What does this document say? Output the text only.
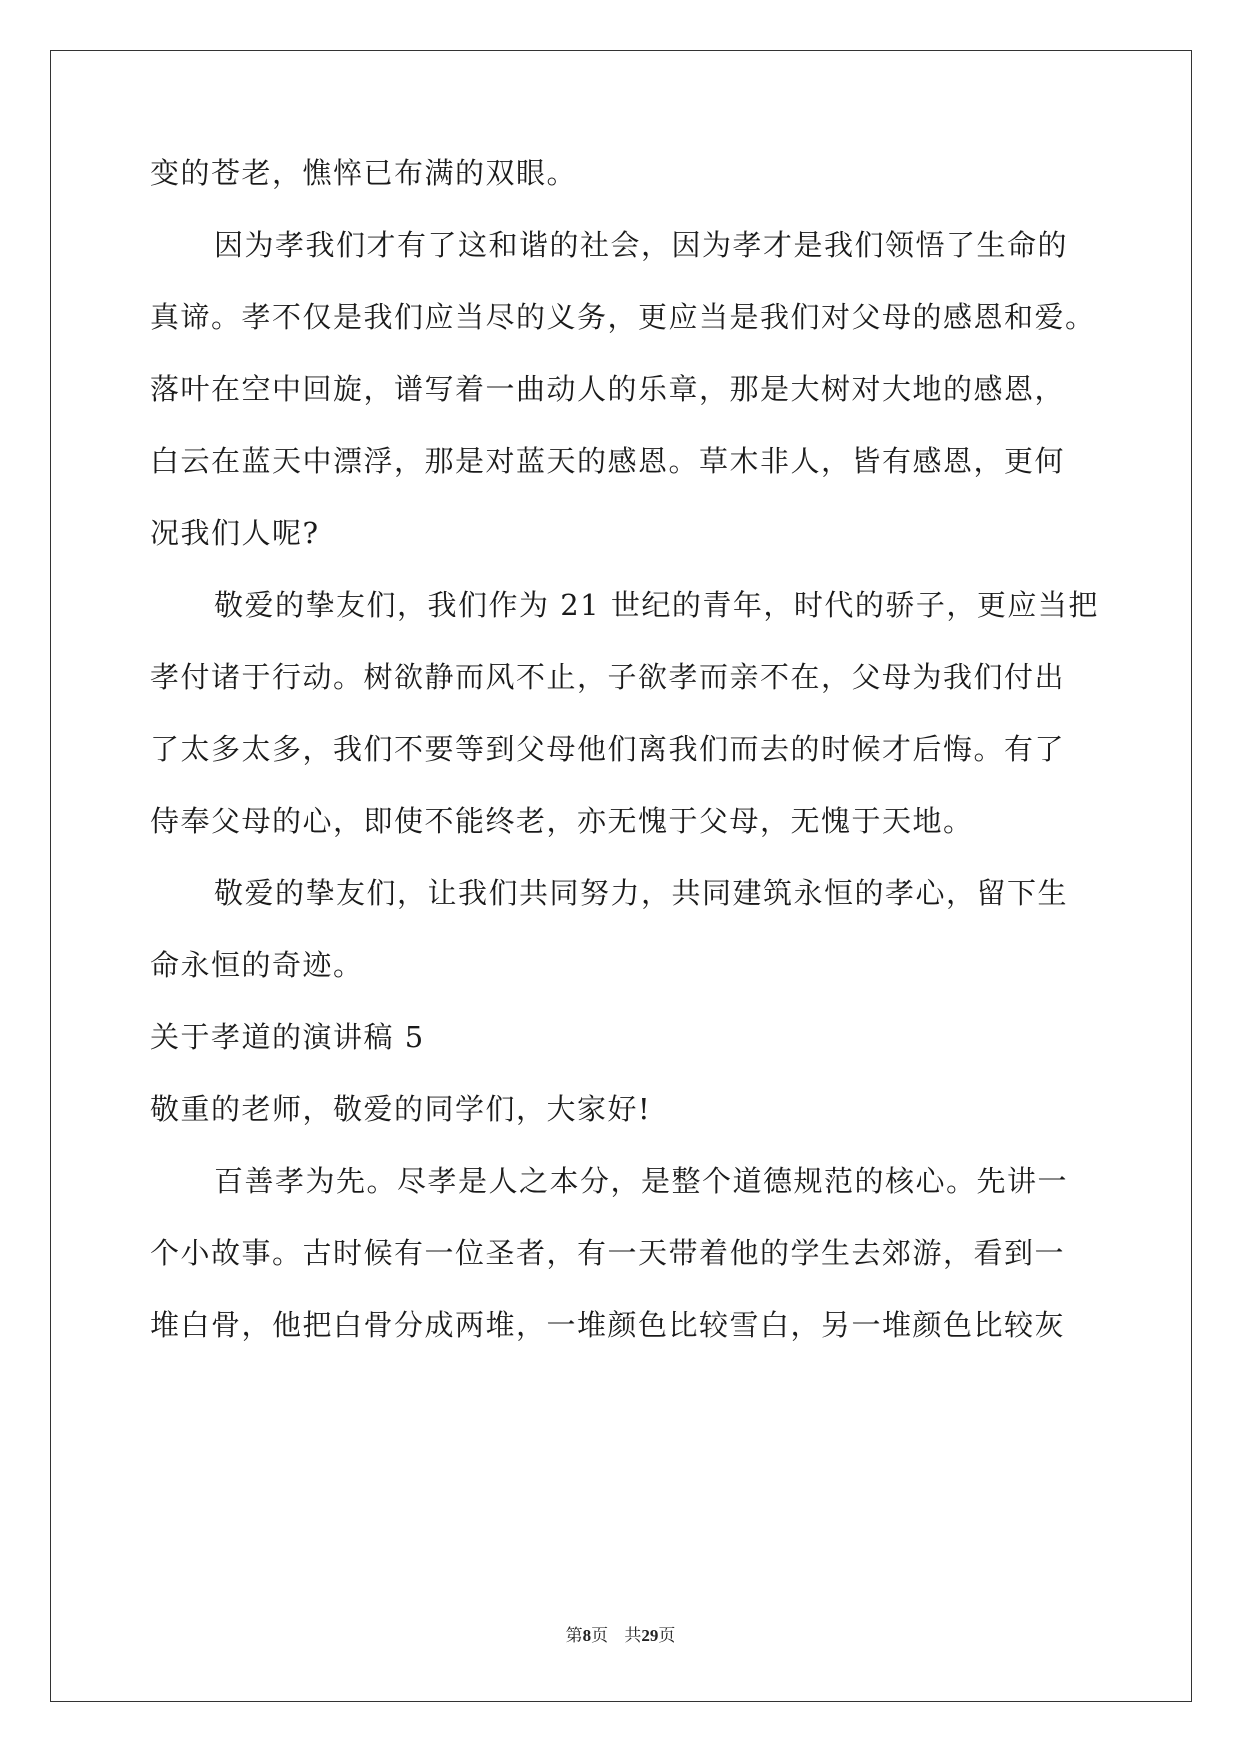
变的苍老，憔悴已布满的双眼。
因为孝我们才有了这和谐的社会，因为孝才是我们领悟了生命的
真谛。孝不仅是我们应当尽的义务，更应当是我们对父母的感恩和爱。
落叶在空中回旋，谱写着一曲动人的乐章，那是大树对大地的感恩，
白云在蓝天中漂浮，那是对蓝天的感恩。草木非人，皆有感恩，更何
况我们人呢?
敬爱的挚友们，我们作为 21 世纪的青年，时代的骄子，更应当把
孝付诸于行动。树欲静而风不止，子欲孝而亲不在，父母为我们付出
了太多太多，我们不要等到父母他们离我们而去的时候才后悔。有了
侍奉父母的心，即使不能终老，亦无愧于父母，无愧于天地。
敬爱的挚友们，让我们共同努力，共同建筑永恒的孝心，留下生
命永恒的奇迹。
关于孝道的演讲稿 5
敬重的老师，敬爱的同学们，大家好!
百善孝为先。尽孝是人之本分，是整个道德规范的核心。先讲一
个小故事。古时候有一位圣者，有一天带着他的学生去郊游，看到一
堆白骨，他把白骨分成两堆，一堆颜色比较雪白，另一堆颜色比较灰
第8页 共29页
